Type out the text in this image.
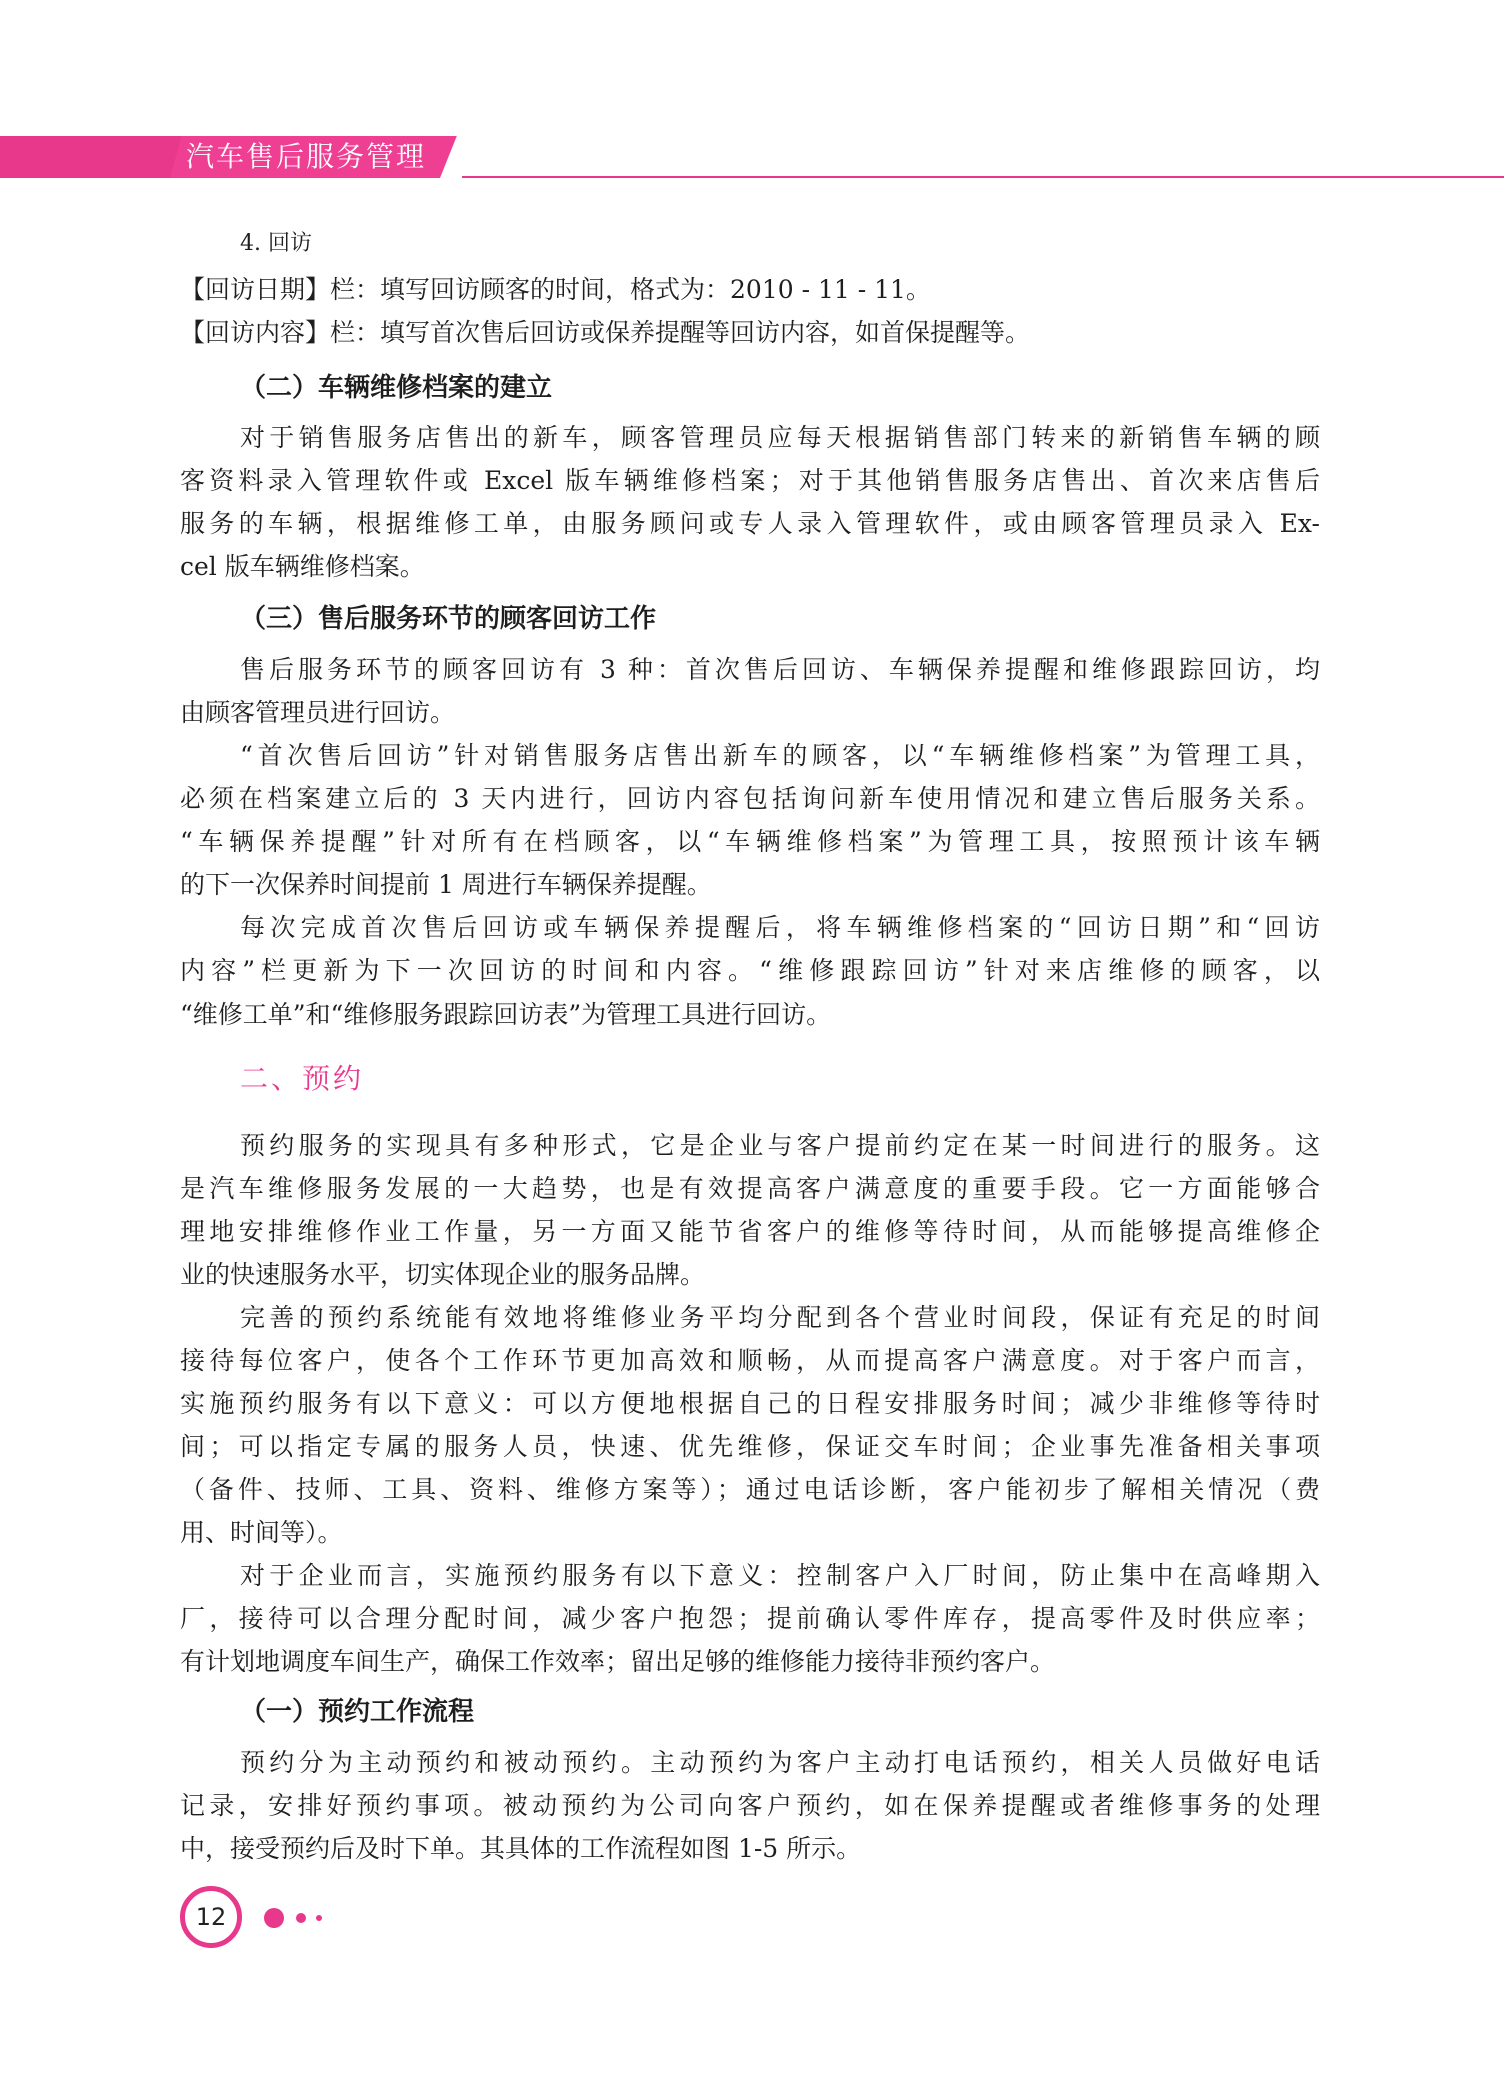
汽车售后服务管理
4. 回访
【回访日期】栏：填写回访顾客的时间，格式为：2010 - 11 - 11。
【回访内容】栏：填写首次售后回访或保养提醒等回访内容，如首保提醒等。
（二）车辆维修档案的建立
对于销售服务店售出的新车，顾客管理员应每天根据销售部门转来的新销售车辆的顾
客资料录入管理软件或 Excel 版车辆维修档案；对于其他销售服务店售出、首次来店售后
服务的车辆，根据维修工单，由服务顾问或专人录入管理软件，或由顾客管理员录入 Ex-
cel 版车辆维修档案。
（三）售后服务环节的顾客回访工作
售后服务环节的顾客回访有 3 种：首次售后回访、车辆保养提醒和维修跟踪回访，均
由顾客管理员进行回访。
“首次售后回访”针对销售服务店售出新车的顾客，以“车辆维修档案”为管理工具，
必须在档案建立后的 3 天内进行，回访内容包括询问新车使用情况和建立售后服务关系。
“车辆保养提醒”针对所有在档顾客，以“车辆维修档案”为管理工具，按照预计该车辆
的下一次保养时间提前 1 周进行车辆保养提醒。
每次完成首次售后回访或车辆保养提醒后，将车辆维修档案的“回访日期”和“回访
内容”栏更新为下一次回访的时间和内容。“维修跟踪回访”针对来店维修的顾客，以
“维修工单”和“维修服务跟踪回访表”为管理工具进行回访。
二、预约
预约服务的实现具有多种形式，它是企业与客户提前约定在某一时间进行的服务。这
是汽车维修服务发展的一大趋势，也是有效提高客户满意度的重要手段。它一方面能够合
理地安排维修作业工作量，另一方面又能节省客户的维修等待时间，从而能够提高维修企
业的快速服务水平，切实体现企业的服务品牌。
完善的预约系统能有效地将维修业务平均分配到各个营业时间段，保证有充足的时间
接待每位客户，使各个工作环节更加高效和顺畅，从而提高客户满意度。对于客户而言，
实施预约服务有以下意义：可以方便地根据自己的日程安排服务时间；减少非维修等待时
间；可以指定专属的服务人员，快速、优先维修，保证交车时间；企业事先准备相关事项
（备件、技师、工具、资料、维修方案等）；通过电话诊断，客户能初步了解相关情况（费
用、时间等）。
对于企业而言，实施预约服务有以下意义：控制客户入厂时间，防止集中在高峰期入
厂，接待可以合理分配时间，减少客户抱怨；提前确认零件库存，提高零件及时供应率；
有计划地调度车间生产，确保工作效率；留出足够的维修能力接待非预约客户。
（一）预约工作流程
预约分为主动预约和被动预约。主动预约为客户主动打电话预约，相关人员做好电话
记录，安排好预约事项。被动预约为公司向客户预约，如在保养提醒或者维修事务的处理
中，接受预约后及时下单。其具体的工作流程如图 1-5 所示。
12
